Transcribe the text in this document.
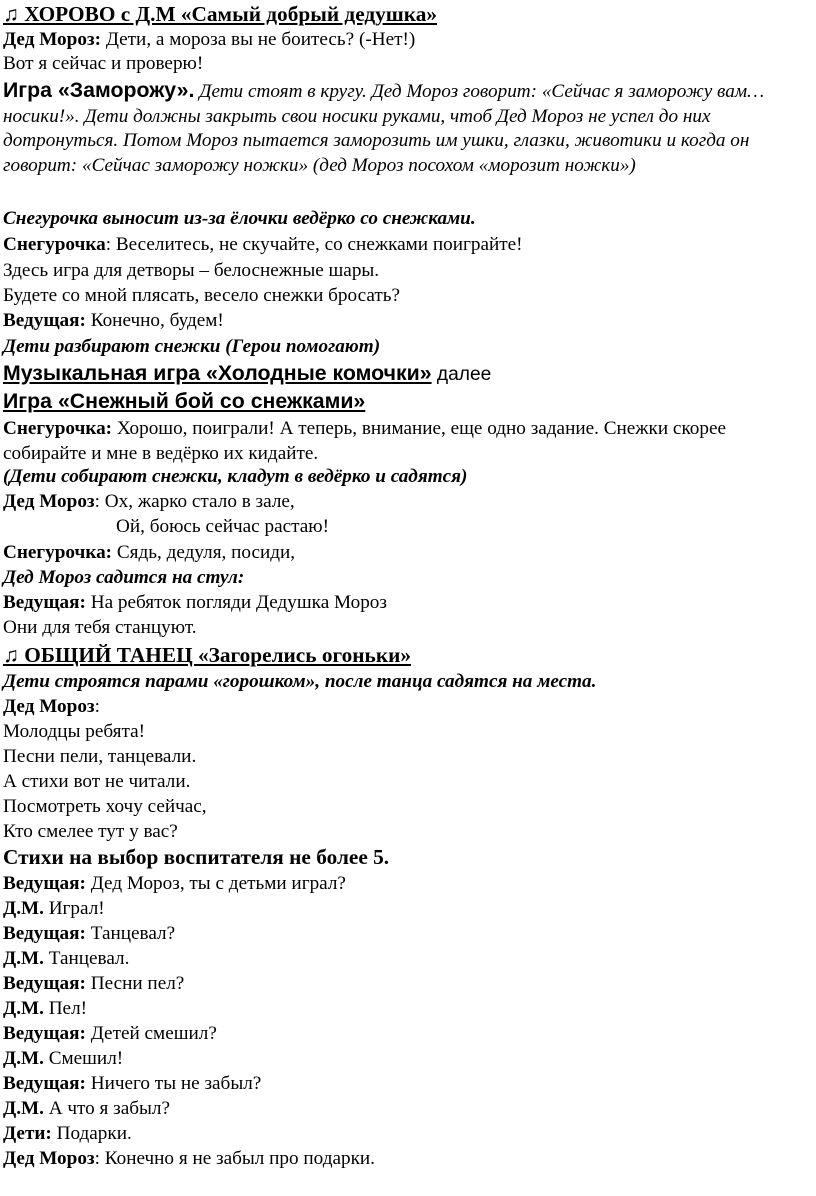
♫ ХОРОВО с Д.М «Самый добрый дедушка»
Дед Мороз: Дети, а мороза вы не боитесь? (-Нет!)
Вот я сейчас и проверю!
Игра «Заморожу». Дети стоят в кругу. Дед Мороз говорит: «Сейчас я заморожу вам… носики!». Дети должны закрыть свои носики руками, чтоб Дед Мороз не успел до них дотронуться. Потом Мороз пытается заморозить им ушки, глазки, животики и когда он говорит: «Сейчас заморожу ножки» (дед Мороз посохом «морозит ножки»)
Снегурочка выносит из-за ёлочки ведёрко со снежками.
Снегурочка: Веселитесь, не скучайте, со снежками поиграйте!
Здесь игра для детворы – белоснежные шары.
Будете со мной плясать, весело снежки бросать?
Ведущая: Конечно, будем!
Дети разбирают снежки (Герои помогают)
Музыкальная игра «Холодные комочки» далее
Игра «Снежный бой со снежками»
Снегурочка: Хорошо, поиграли! А теперь, внимание, еще одно задание. Снежки скорее собирайте и мне в ведёрко их кидайте.
(Дети собирают снежки, кладут в ведёрко и садятся)
Дед Мороз: Ох, жарко стало в зале,
Ой, боюсь сейчас растаю!
Снегурочка: Сядь, дедуля, посиди,
Дед Мороз садится на стул:
Ведущая: На ребяток погляди Дедушка Мороз
Они для тебя станцуют.
♫ ОБЩИЙ ТАНЕЦ «Загорелись огоньки»
Дети строятся парами «горошком», после танца садятся на места.
Дед Мороз:
Молодцы ребята!
Песни пели, танцевали.
А стихи вот не читали.
Посмотреть хочу сейчас,
Кто смелее тут у вас?
Стихи на выбор воспитателя не более 5.
Ведущая: Дед Мороз, ты с детьми играл?
Д.М. Играл!
Ведущая: Танцевал?
Д.М. Танцевал.
Ведущая: Песни пел?
Д.М. Пел!
Ведущая: Детей смешил?
Д.М. Смешил!
Ведущая: Ничего ты не забыл?
Д.М. А что я забыл?
Дети: Подарки.
Дед Мороз: Конечно я не забыл про подарки.
